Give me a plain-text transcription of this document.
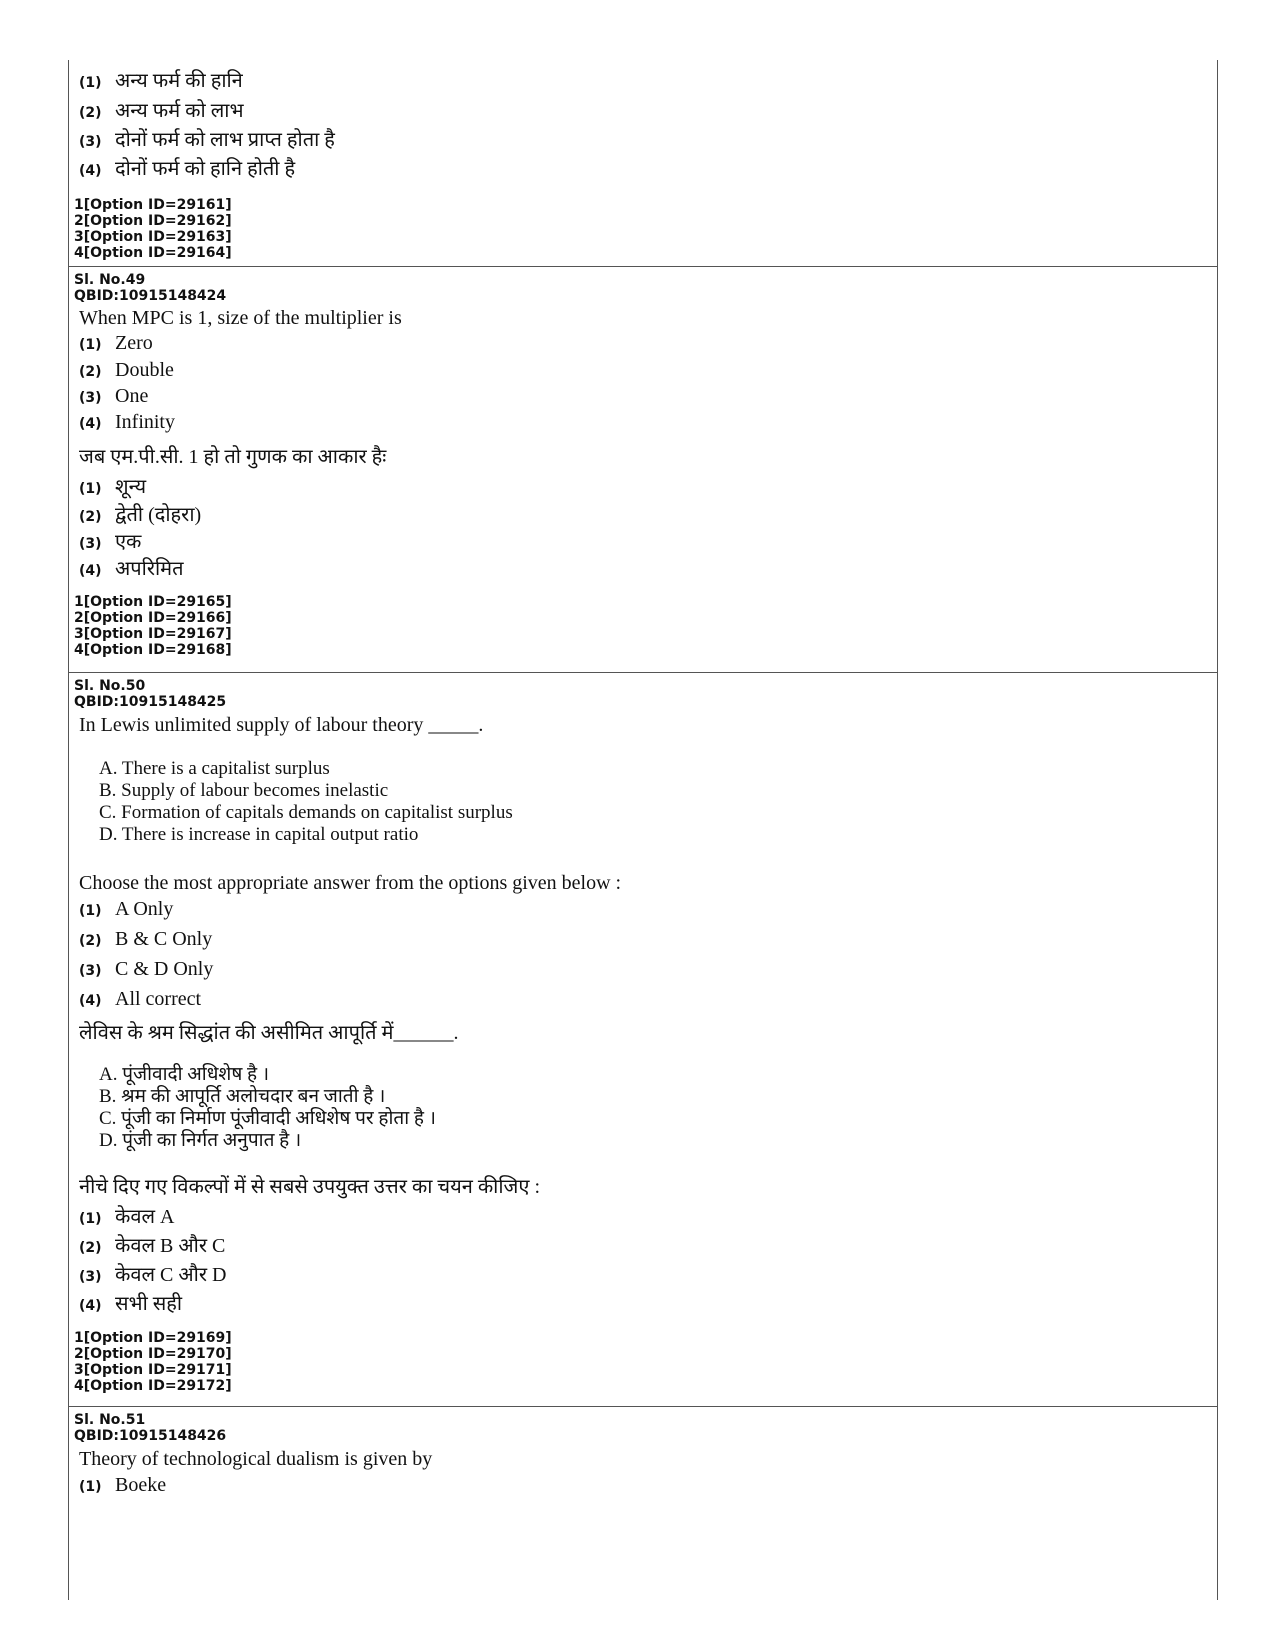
(1) अन्य फर्म की हानि
(2) अन्य फर्म को लाभ
(3) दोनों फर्म को लाभ प्राप्त होता है
(4) दोनों फर्म को हानि होती है
1[Option ID=29161]
2[Option ID=29162]
3[Option ID=29163]
4[Option ID=29164]
Sl. No.49
QBID:10915148424
When MPC is 1, size of the multiplier is
(1) Zero
(2) Double
(3) One
(4) Infinity
जब एम.पी.सी. 1 हो तो गुणक का आकार हैः
(1) शून्य
(2) द्वेती (दोहरा)
(3) एक
(4) अपरिमित
1[Option ID=29165]
2[Option ID=29166]
3[Option ID=29167]
4[Option ID=29168]
Sl. No.50
QBID:10915148425
In Lewis unlimited supply of labour theory _____.
A. There is a capitalist surplus
B. Supply of labour becomes inelastic
C. Formation of capitals demands on capitalist surplus
D. There is increase in capital output ratio
Choose the most appropriate answer from the options given below :
(1) A Only
(2) B & C Only
(3) C & D Only
(4) All correct
लेविस के श्रम सिद्धांत की असीमित आपूर्ति में______.
A. पूंजीवादी अधिशेष है ।
B. श्रम की आपूर्ति अलोचदार बन जाती है ।
C. पूंजी का निर्माण पूंजीवादी अधिशेष पर होता है ।
D. पूंजी का निर्गत अनुपात है ।
नीचे दिए गए विकल्पों में से सबसे उपयुक्त उत्तर का चयन कीजिए :
(1) केवल A
(2) केवल B और C
(3) केवल C और D
(4) सभी सही
1[Option ID=29169]
2[Option ID=29170]
3[Option ID=29171]
4[Option ID=29172]
Sl. No.51
QBID:10915148426
Theory of technological dualism is given by
(1) Boeke
